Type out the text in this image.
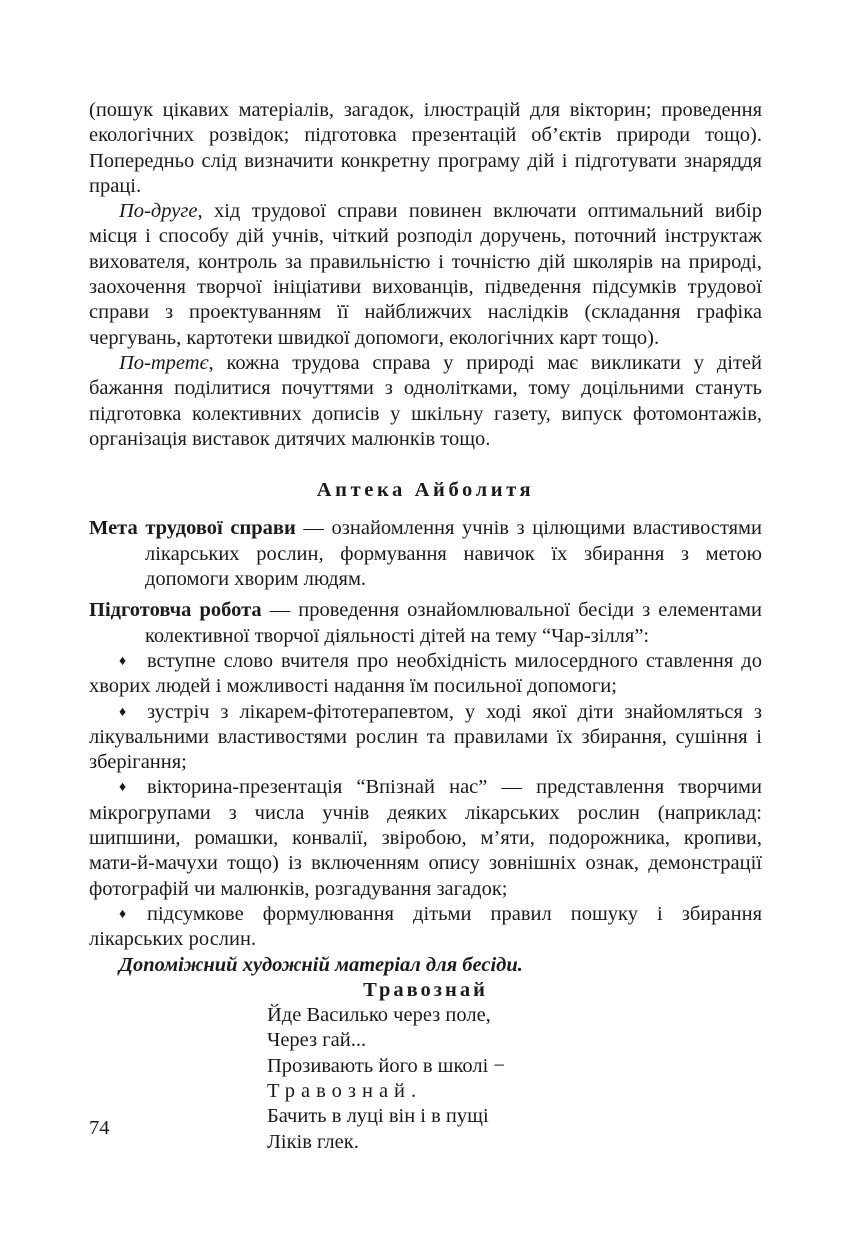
(пошук цікавих матеріалів, загадок, ілюстрацій для вікторин; проведення екологічних розвідок; підготовка презентацій об’єктів природи тощо). Попередньо слід визначити конкретну програму дій і підготувати знаряддя праці.

По-друге, хід трудової справи повинен включати оптимальний вибір місця і способу дій учнів, чіткий розподіл доручень, поточний інструктаж вихователя, контроль за правильністю і точністю дій школярів на природі, заохочення творчої ініціативи вихованців, підведення підсумків трудової справи з проектуванням її найближчих наслідків (складання графіка чергувань, картотеки швидкої допомоги, екологічних карт тощо).

По-третє, кожна трудова справа у природі має викликати у дітей бажання поділитися почуттями з однолітками, тому доцільними стануть підготовка колективних дописів у шкільну газету, випуск фотомонтажів, організація виставок дитячих малюнків тощо.

Аптека Айболитя

Мета трудової справи — ознайомлення учнів з цілющими властивостями лікарських рослин, формування навичок їх збирання з метою допомоги хворим людям.

Підготовча робота — проведення ознайомлювальної бесіди з елементами колективної творчої діяльності дітей на тему “Чар-зілля”:

♦ вступне слово вчителя про необхідність милосердного ставлення до хворих людей і можливості надання їм посильної допомоги;

♦ зустріч з лікарем-фітотерапевтом, у ході якої діти знайомляться з лікувальними властивостями рослин та правилами їх збирання, сушіння і зберігання;

♦ вікторина-презентація “Впізнай нас” — представлення творчими мікрогрупами з числа учнів деяких лікарських рослин (наприклад: шипшини, ромашки, конвалії, звіробою, м’яти, подорожника, кропиви, мати-й-мачухи тощо) із включенням опису зовнішніх ознак, демонстрації фотографій чи малюнків, розгадування загадок;

♦ підсумкове формулювання дітьми правил пошуку і збирання лікарських рослин.

Допоміжний художній матеріал для бесіди.

Травознай

Йде Василько через поле,
Через гай...
Прозивають його в школі −
Травознай.
Бачить в луці він і в пущі
Ліків глек.
74
